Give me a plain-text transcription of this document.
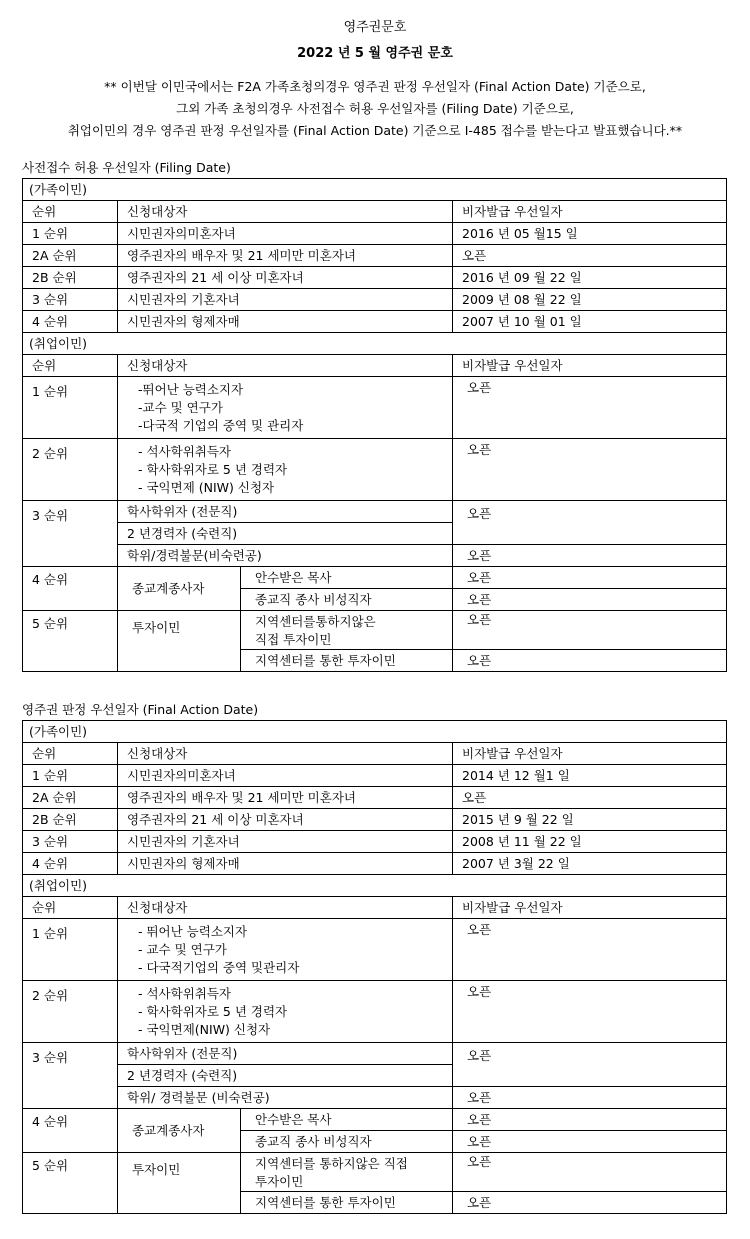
영주권문호
2022 년 5 월 영주권 문호
** 이번달 이민국에서는 F2A 가족초청의경우 영주권 판정 우선일자 (Final Action Date) 기준으로,
그외 가족 초청의경우 사전접수 허용 우선일자를 (Filing Date) 기준으로,
취업이민의 경우 영주권 판정 우선일자를 (Final Action Date) 기준으로 I-485 접수를 받는다고 발표했습니다.**
사전접수 허용 우선일자 (Filing Date)
(가족이민)			
순위	신청대상자		비자발급 우선일자
1 순위	시민권자의미혼자녀		2016 년 05 월15 일
2A 순위	영주권자의 배우자 및 21 세미만 미혼자녀		오픈
2B 순위	영주권자의 21 세 이상 미혼자녀		2016 년 09 월 22 일
3 순위	시민권자의 기혼자녀		2009 년 08 월 22 일
4 순위	시민권자의 형제자매		2007 년 10 월 01 일
(취업이민)			
순위	신청대상자		비자발급 우선일자
1 순위	-뛰어난 능력소지자
-교수 및 연구가
-다국적 기업의 중역 및 관리자		오픈
2 순위	- 석사학위취득자
- 학사학위자로 5 년 경력자
- 국익면제 (NIW) 신청자		오픈
3 순위	학사학위자 (전문직)		오픈
	2 년경력자 (숙련직)		
	학위/경력불문(비숙련공)		오픈
4 순위	종교계종사자	안수받은 목사	오픈
		종교직 종사 비성직자	오픈
5 순위	투자이민	지역센터를통하지않은
직접 투자이민	오픈
		지역센터를 통한 투자이민	오픈
영주권 판정 우선일자 (Final Action Date)
(가족이민)			
순위	신청대상자		비자발급 우선일자
1 순위	시민권자의미혼자녀		2014 년 12 월1 일
2A 순위	영주권자의 배우자 및 21 세미만 미혼자녀		오픈
2B 순위	영주권자의 21 세 이상 미혼자녀		2015 년 9 월 22 일
3 순위	시민권자의 기혼자녀		2008 년 11 월 22 일
4 순위	시민권자의 형제자매		2007 년 3월 22 일
(취업이민)			
순위	신청대상자		비자발급 우선일자
1 순위	- 뛰어난 능력소지자
- 교수 및 연구가
- 다국적기업의 중역 및관리자		오픈
2 순위	- 석사학위취득자
- 학사학위자로 5 년 경력자
- 국익면제(NIW) 신청자		오픈
3 순위	학사학위자 (전문직)		오픈
	2 년경력자 (숙련직)		
	학위/ 경력불문 (비숙련공)		오픈
4 순위	종교계종사자	안수받은 목사	오픈
		종교직 종사 비성직자	오픈
5 순위	투자이민	지역센터를 통하지않은 직접
투자이민	오픈
		지역센터를 통한 투자이민	오픈
